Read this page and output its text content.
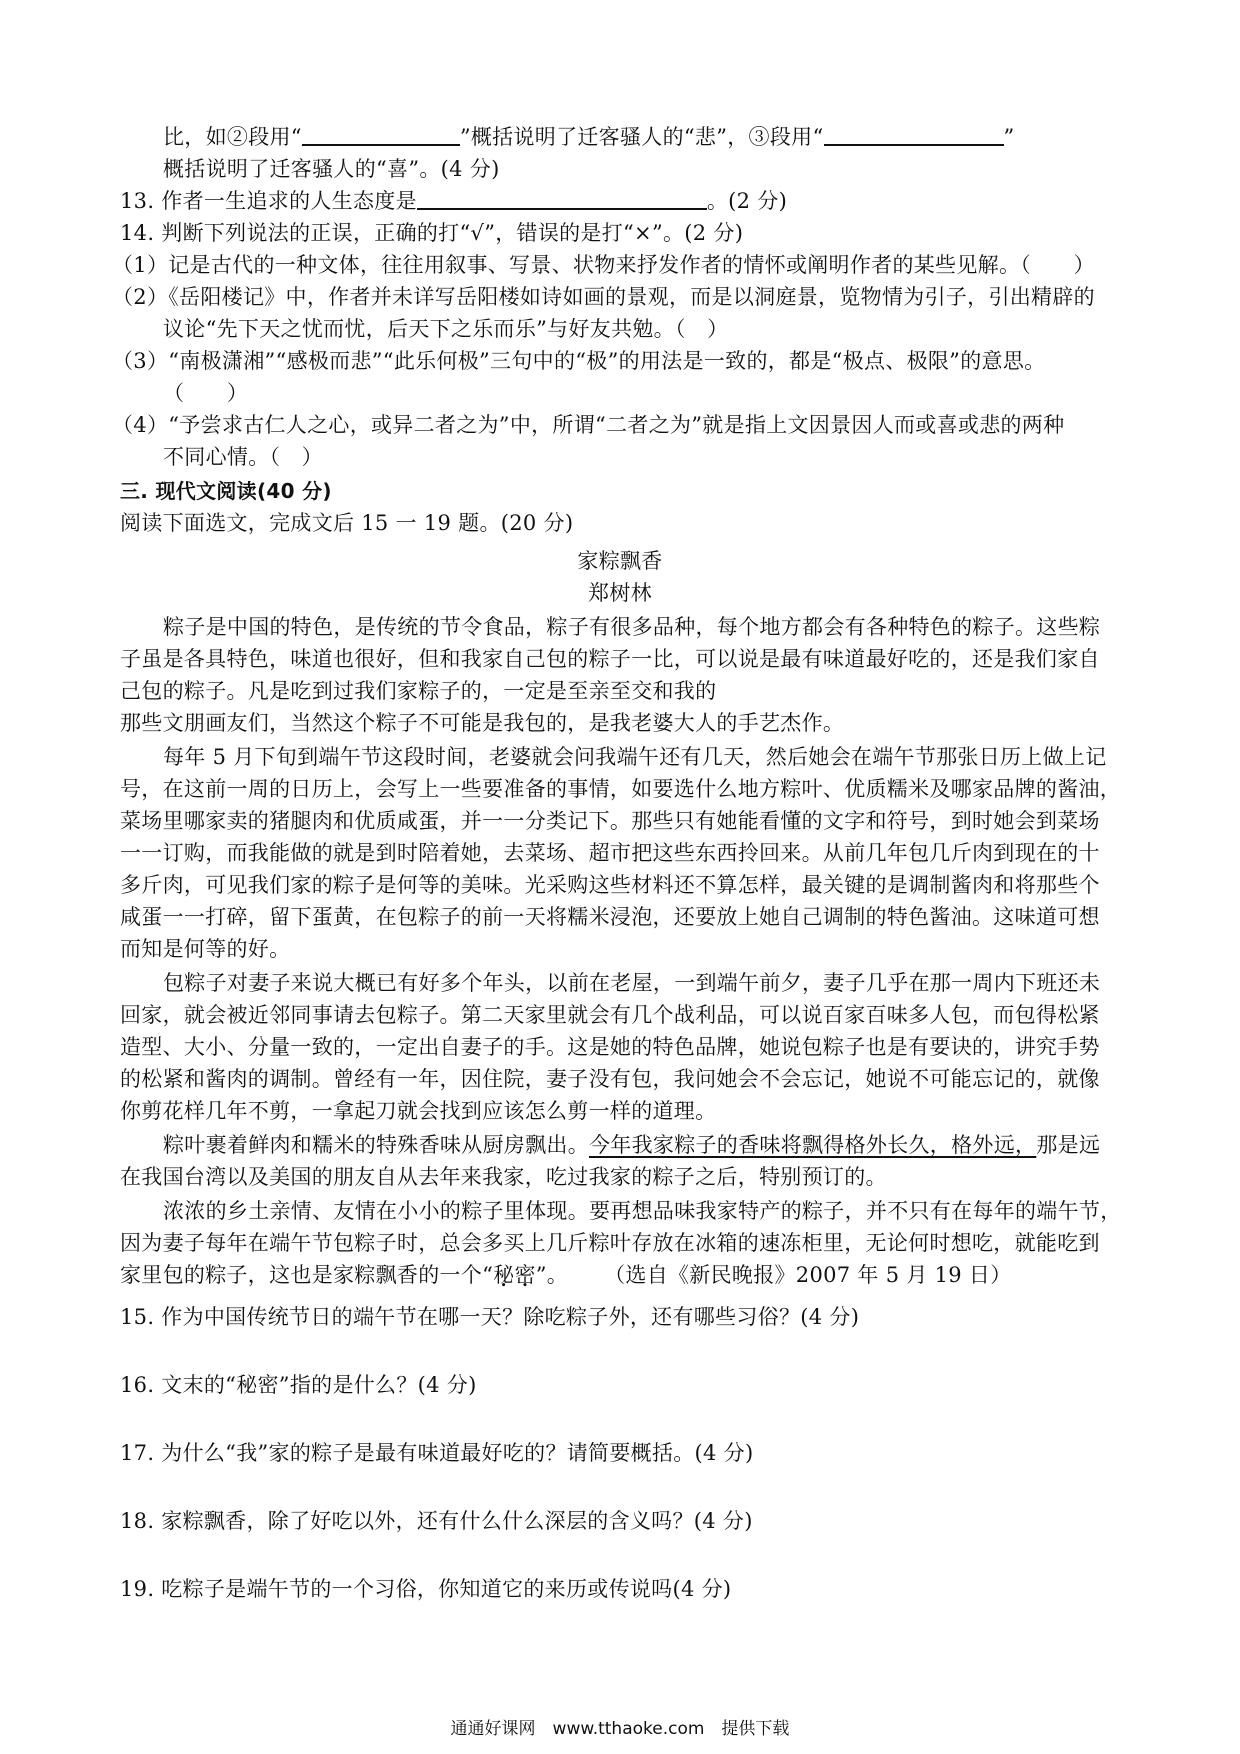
比，如②段用“	”概括说明了迁客骚人的“悲”，③段用“	”
概括说明了迁客骚人的“喜”。(4 分)
13. 作者一生追求的人生态度是	。(2 分)
14. 判断下列说法的正误，正确的打“√”，错误的是打“×”。(2 分)
（1）记是古代的一种文体，往往用叙事、写景、状物来抒发作者的情怀或阐明作者的某些见解。（　　）
（2）《岳阳楼记》中，作者并未详写岳阳楼如诗如画的景观，而是以洞庭景，览物情为引子，引出精辟的
议论“先下天之忧而忧，后天下之乐而乐”与好友共勉。（　）
（3）“南极潇湘”“感极而悲”“此乐何极”三句中的“极”的用法是一致的，都是“极点、极限”的意思。
（　　）
（4）“予尝求古仁人之心，或异二者之为”中，所谓“二者之为”就是指上文因景因人而或喜或悲的两种
不同心情。（　）
三. 现代文阅读(40 分)
阅读下面选文，完成文后 15 一 19 题。(20 分)
家粽飘香
郑树林
粽子是中国的特色，是传统的节令食品，粽子有很多品种，每个地方都会有各种特色的粽子。这些粽
子虽是各具特色，味道也很好，但和我家自己包的粽子一比，可以说是最有味道最好吃的，还是我们家自
己包的粽子。凡是吃到过我们家粽子的，一定是至亲至交和我的
那些文朋画友们，当然这个粽子不可能是我包的，是我老婆大人的手艺杰作。
每年 5 月下旬到端午节这段时间，老婆就会问我端午还有几天，然后她会在端午节那张日历上做上记
号，在这前一周的日历上，会写上一些要准备的事情，如要选什么地方粽叶、优质糯米及哪家品牌的酱油，
菜场里哪家卖的猪腿肉和优质咸蛋，并一一分类记下。那些只有她能看懂的文字和符号，到时她会到菜场
一一订购，而我能做的就是到时陪着她，去菜场、超市把这些东西拎回来。从前几年包几斤肉到现在的十
多斤肉，可见我们家的粽子是何等的美味。光采购这些材料还不算怎样，最关键的是调制酱肉和将那些个
咸蛋一一打碎，留下蛋黄，在包粽子的前一天将糯米浸泡，还要放上她自己调制的特色酱油。这味道可想
而知是何等的好。
包粽子对妻子来说大概已有好多个年头，以前在老屋，一到端午前夕，妻子几乎在那一周内下班还未
回家，就会被近邻同事请去包粽子。第二天家里就会有几个战利品，可以说百家百味多人包，而包得松紧
造型、大小、分量一致的，一定出自妻子的手。这是她的特色品牌，她说包粽子也是有要诀的，讲究手势
的松紧和酱肉的调制。曾经有一年，因住院，妻子没有包，我问她会不会忘记，她说不可能忘记的，就像
你剪花样几年不剪，一拿起刀就会找到应该怎么剪一样的道理。
粽叶裹着鲜肉和糯米的特殊香味从厨房飘出。今年我家粽子的香味将飘得格外长久，格外远，那是远
在我国台湾以及美国的朋友自从去年来我家，吃过我家的粽子之后，特别预订的。
浓浓的乡土亲情、友情在小小的粽子里体现。要再想品味我家特产的粽子，并不只有在每年的端午节，
因为妻子每年在端午节包粽子时，总会多买上几斤粽叶存放在冰箱的速冻柜里，无论何时想吃，就能吃到
家里包的粽子，这也是家粽飘香的一个“秘密”。 （选自《新民晚报》2007 年 5 月 19 日）
15. 作为中国传统节日的端午节在哪一天？除吃粽子外，还有哪些习俗？(4 分)
16. 文末的“秘密”指的是什么？(4 分)
17. 为什么“我”家的粽子是最有味道最好吃的？请简要概括。(4 分)
18. 家粽飘香，除了好吃以外，还有什么什么深层的含义吗？(4 分)
19. 吃粽子是端午节的一个习俗，你知道它的来历或传说吗(4 分)
通通好课网　www.tthaoke.com　提供下载
